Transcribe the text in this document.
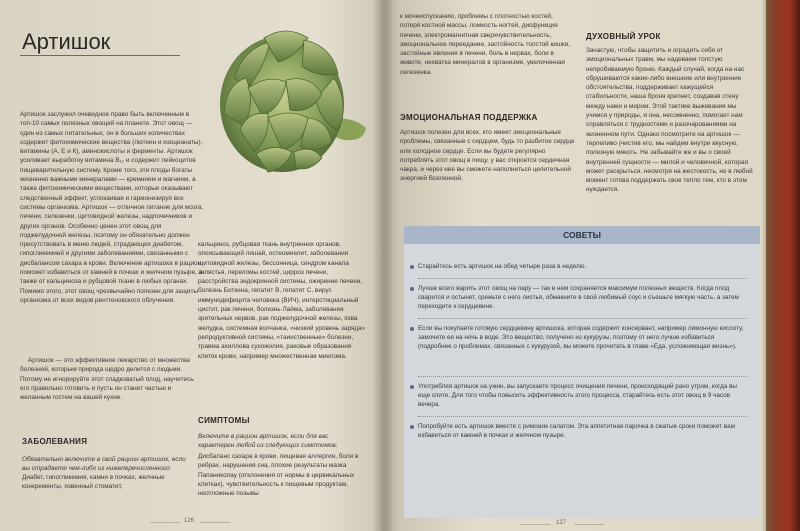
Артишок

Артишок заслужил очевидное право быть включенным в топ-10 самых полезных овощей на планете. Этот овощ — один из самых питательных, он в больших количествах содержит фитохимические вещества (лютеин и изоцианаты), витамины (А, Е и К), аминокислоты и ферменты. Артишок усиливает выработку витамина B₁₂ и содержит лейкоцитов пищеварительную систему. Кроме того, эти плоды богаты жизненно важными минералами — кремнием и магнием, а также фитохимическими веществами, которые оказывают следственный эффект, успокаивая и гармонизируя все системы организма. Артишок — отличное питание для мозга, печени, селезенки, щитовидной железы, надпочечников и других органов. Особенно ценен этот овощ для поджелудочной железы, поэтому он обязательно должен присутствовать в меню людей, страдающих диабетом, гипогликемией и другими заболеваниями, связанными с дисбалансом сахара в крови. Включение артишока в рацион поможет избавиться от камней в почках и желчном пузыре, а также от кальциноза и рубцовой ткани в любых органах. Помимо этого, этот овощ чрезвычайно полезен для защиты организма от всех видов рентгеновского облучения.

Артишок — это эффективное лекарство от множества болезней, которым природа щедро делится с людьми. Потому не игнорируйте этот сладковатый плод, научитесь его правильно готовить и пусть он станет частью и желанным гостем на вашей кухне.

ЗАБОЛЕВАНИЯ
Обязательно включите в свой рацион артишок, если вы страдаете чем-либо из нижеперечисленного:
Диабет, гипогликемия, камни в почках, желчные конкременты, язвенный стоматит,
кальциноз, рубцовая ткань внутренних органов, опоясывающий лишай, остеомиелит, заболевания щитовидной железы, бессонница, синдром канала запястья, переломы костей, цирроз печени, расстройства эндокринной системы, ожирение печени, болезнь Боткина, гепатит B, гепатит C, вирус иммунодефицита человека (ВИЧ), интерстициальный цистит, рак печени, болезнь Лайма, заболевания зрительных нервов, рак поджелудочной железы, язва желудка, системная волчанка, «низкий уровень заряда» репродуктивной системы, «таинственные» болезни, травма ахиллова сухожилия, раковые образования клеток крови, например множественная миелома.
СИМПТОМЫ
Включите в рацион артишок, если для вас характерен любой из следующих симптомов:
Дисбаланс сахара в крови, пищевая аллергия, боли в ребрах, нарушения сна, плохие результаты мазка Папаниколау (отклонения от нормы в цервикальных клетках), чувствительность к пищевым продуктам, неотложные позывы
126
к мочеиспусканию, проблемы с плотностью костей, потеря костной массы, ломкость ногтей, дисфункция печени, электромагнитная сверхчувствительность, эмоциональное переедание, застойность толстой кишки, застойные явления в печени, боль в нервах, боли в животе, нехватка минералов в организме, увеличенная селезенка.
ЭМОЦИОНАЛЬНАЯ ПОДДЕРЖКА
Артишок полезен для всех, кто имеет эмоциональные проблемы, связанные с сердцем, будь то разбитое сердце или холодное сердце. Если вы будете регулярно потреблять этот овощ в пищу, у вас откроется сердечная чакра, и через нее вы сможете наполниться целительной энергией Вселенной.
ДУХОВНЫЙ УРОК
Зачастую, чтобы защитить и оградить себя от эмоциональных травм, мы надеваем толстую непробиваемую броню. Каждый случай, когда на нас обрушиваются какие-либо внешние или внутренние обстоятельства, поддерживает кажущейся стабильности, наша броня крепнет, создавая стену между нами и миром. Этой тактике выживания мы учимся у природы, и она, несомненно, помогает нам справляться с трудностями и разочарованиями на жизненном пути. Однако посмотрите на артишок — терпеливо (чистив его, мы найдем внутри вкусную, полезную мякоть. Не забывайте же и вы о своей внутренней сущности — милой и человечной, которая может раскрыться, несмотря на жестокость, но в любой момент готова поддержать свое тепло тем, кто в этом нуждается.
СОВЕТЫ
Старайтесь есть артишок на обед четыре раза в неделю.
Лучше всего варить этот овощ на пару — так в нем сохраняется максимум полезных веществ. Когда плод сварится и остынет, срежьте с него листья, обмакните в свой любимый соус и съешьте мягкую часть, а затем переходите к сердцевине.
Если вы покупаете готовую сердцевину артишока, которая содержит консервант, например лимонную кислоту, замочите ее на ночь в воде. Это вещество, получено из кукурузы, поэтому от него лучше избавиться (подробнее о проблемах, связанных с кукурузой, вы можете прочитать в главе «Еда, усложняющая жизнь»).
Употребляя артишок на ужин, вы запускаете процесс очищения печени, происходящий рано утром, когда вы еще спите. Для того чтобы повысить эффективность этого процесса, старайтесь есть этот овощ в 9 часов вечера.
Попробуйте есть артишок вместе с римским салатом. Эта аппетитная парочка в сжатые сроки поможет вам избавиться от камней в почках и желчном пузыре.
127
